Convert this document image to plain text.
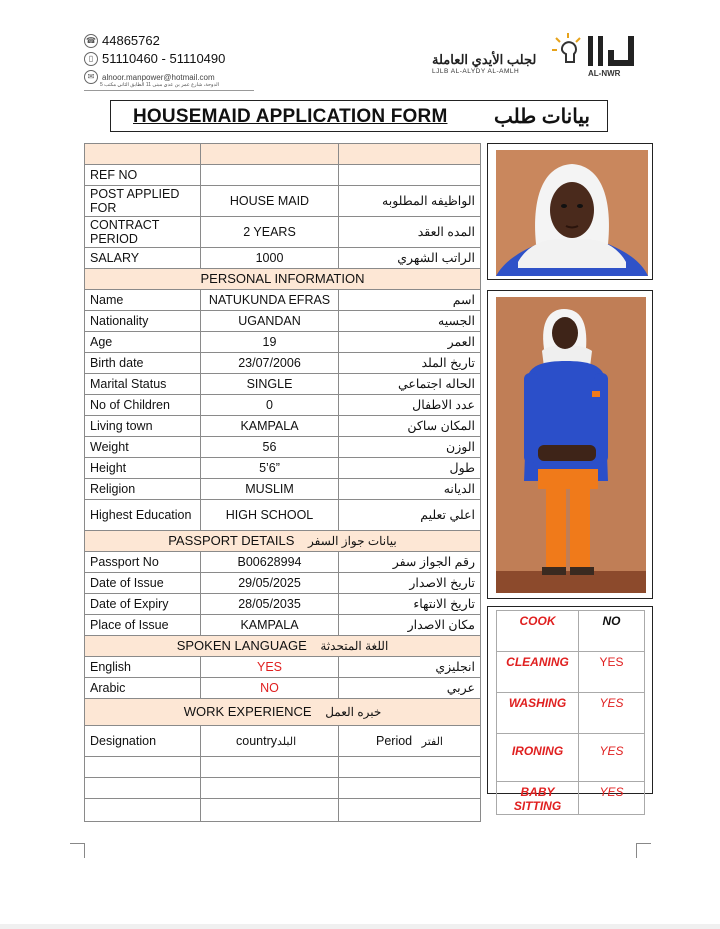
☎ 44865762
▯ 51110460 - 51110490
✉ alnoor.manpower@hotmail.com
الدوحة، شارع عمر بن عدي مبنى 11 الطابق الثاني مكتب 5
لجلب الأيدي العاملة
LJLB AL-ALYDY AL-AMLH	AL-NWR
HOUSEMAID APPLICATION FORM بيانات طلب

REF NO		
POST APPLIED FOR	HOUSE MAID	الواظيفه المطلوبه
CONTRACT PERIOD	2 YEARS	المده العقد
SALARY	1000	الراتب الشهري
PERSONAL INFORMATION		
Name	NATUKUNDA EFRAS	اسم
Nationality	UGANDAN	الجسيه
Age	19	العمر
Birth date	23/07/2006	تاريخ الملد
Marital Status	SINGLE	الحاله اجتماعي
No of Children	0	عدد الاطفال
Living town	KAMPALA	المكان ساكن
Weight	56	الوزن
Height	5’6”	طول
Religion	MUSLIM	الديانه
Highest Education	HIGH SCHOOL	اعلي تعليم
PASSPORT DETAILS بيانات جواز السفر		
Passport No	B00628994	رقم الجواز سفر
Date of Issue	29/05/2025	تاريخ الاصدار
Date of Expiry	28/05/2035	تاريخ الانتهاء
Place of Issue	KAMPALA	مكان الاصدار
SPOKEN LANGUAGE اللغة المتحدثة		
English	YES	انجليزي
Arabic	NO	عربي
WORK EXPERIENCE خبره العمل		
Designation	countryالبلد	Period الفتر

COOK	NO
CLEANING	YES
WASHING	YES
IRONING	YES
BABY SITTING	YES
